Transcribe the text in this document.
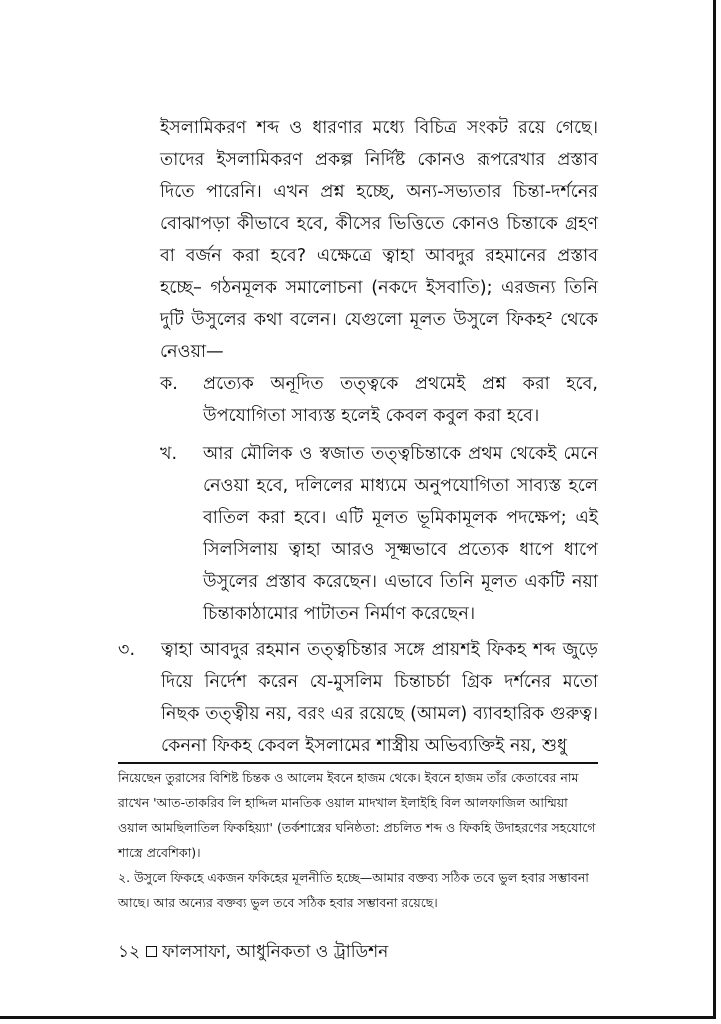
ইসলামিকরণ শব্দ ও ধারণার মধ্যে বিচিত্র সংকট রয়ে গেছে। তাদের ইসলামিকরণ প্রকল্প নির্দিষ্ট কোনও রূপরেখার প্রস্তাব দিতে পারেনি। এখন প্রশ্ন হচ্ছে, অন্য-সভ্যতার চিন্তা-দর্শনের বোঝাপড়া কীভাবে হবে, কীসের ভিত্তিতে কোনও চিন্তাকে গ্রহণ বা বর্জন করা হবে? এক্ষেত্রে ত্বাহা আবদুর রহমানের প্রস্তাব হচ্ছে– গঠনমূলক সমালোচনা (নকদে ইসবাতি); এরজন্য তিনি দুটি উসুলের কথা বলেন। যেগুলো মূলত উসুলে ফিকহ² থেকে নেওয়া—

ক. প্রত্যেক অনূদিত তত্ত্বকে প্রথমেই প্রশ্ন করা হবে, উপযোগিতা সাব্যস্ত হলেই কেবল কবুল করা হবে।
খ. আর মৌলিক ও স্বজাত তত্ত্বচিন্তাকে প্রথম থেকেই মেনে নেওয়া হবে, দলিলের মাধ্যমে অনুপযোগিতা সাব্যস্ত হলে বাতিল করা হবে। এটি মূলত ভূমিকামূলক পদক্ষেপ; এই সিলসিলায় ত্বাহা আরও সূক্ষ্মভাবে প্রত্যেক ধাপে ধাপে উসুলের প্রস্তাব করেছেন। এভাবে তিনি মূলত একটি নয়া চিন্তাকাঠামোর পাটাতন নির্মাণ করেছেন।
৩. ত্বাহা আবদুর রহমান তত্ত্বচিন্তার সঙ্গে প্রায়শই ফিকহ শব্দ জুড়ে দিয়ে নির্দেশ করেন যে-মুসলিম চিন্তাচর্চা গ্রিক দর্শনের মতো নিছক তত্ত্বীয় নয়, বরং এর রয়েছে (আমল) ব্যাবহারিক গুরুত্ব। কেননা ফিকহ কেবল ইসলামের শাস্ত্রীয় অভিব্যক্তিই নয়, শুধু

নিয়েছেন তুরাসের বিশিষ্ট চিন্তক ও আলেম ইবনে হাজম থেকে। ইবনে হাজম তাঁর কেতাবের নাম রাখেন 'আত-তাকরিব লি হাদ্দিল মানতিক ওয়াল মাদখাল ইলাইহি বিল আলফাজিল আম্মিয়া ওয়াল আমছিলাতিল ফিকহিয়্যা' (তর্কশাস্ত্রের ঘনিষ্ঠতা: প্রচলিত শব্দ ও ফিকহি উদাহরণের সহযোগে শাস্ত্রে প্রবেশিকা)।

২. উসুলে ফিকহে একজন ফকিহের মূলনীতি হচ্ছে—আমার বক্তব্য সঠিক তবে ভুল হবার সম্ভাবনা আছে। আর অন্যের বক্তব্য ভুল তবে সঠিক হবার সম্ভাবনা রয়েছে।

১২ ফালসাফা, আধুনিকতা ও ট্রাডিশন
